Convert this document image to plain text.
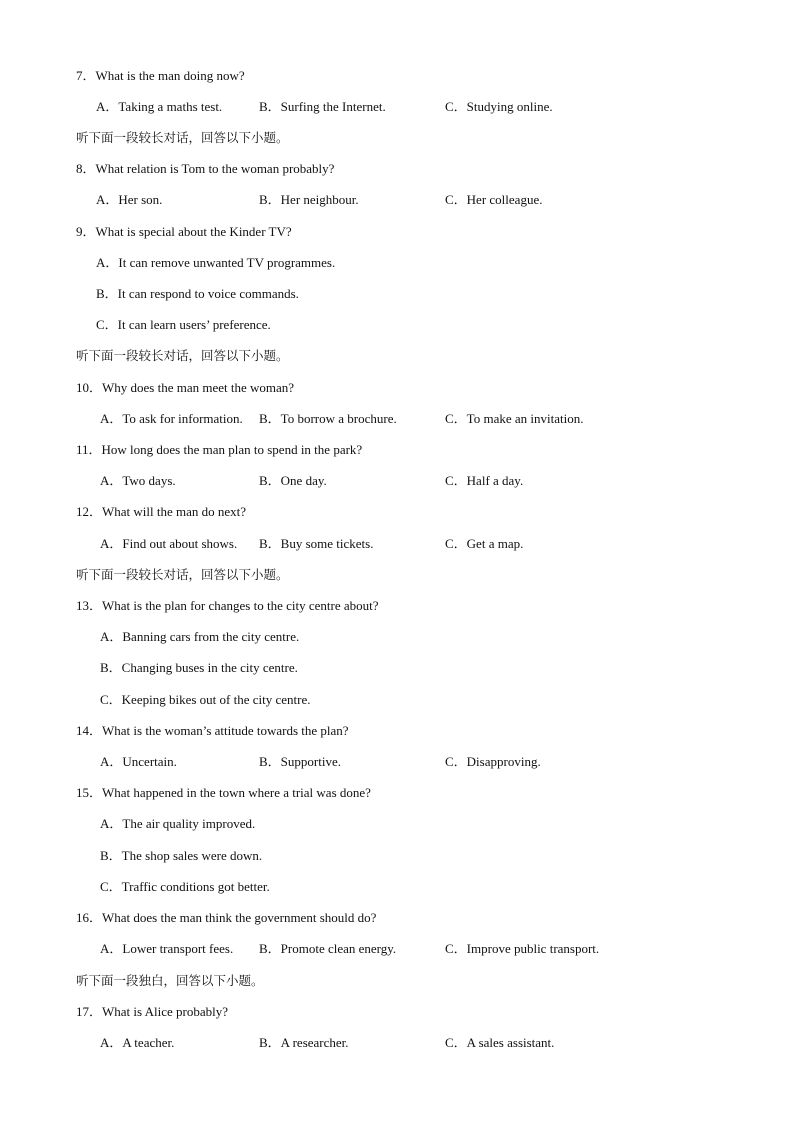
7．What is the man doing now?
A．Taking a maths test.	B．Surfing the Internet.	C．Studying online.
听下面一段较长对话，回答以下小题。
8．What relation is Tom to the woman probably?
A．Her son.	B．Her neighbour.	C．Her colleague.
9．What is special about the Kinder TV?
A．It can remove unwanted TV programmes.
B．It can respond to voice commands.
C．It can learn users’ preference.
听下面一段较长对话，回答以下小题。
10．Why does the man meet the woman?
A．To ask for information. B．To borrow a brochure.	C．To make an invitation.
11．How long does the man plan to spend in the park?
A．Two days.	B．One day.	C．Half a day.
12．What will the man do next?
A．Find out about shows. B．Buy some tickets.	C．Get a map.
听下面一段较长对话，回答以下小题。
13．What is the plan for changes to the city centre about?
A．Banning cars from the city centre.
B．Changing buses in the city centre.
C．Keeping bikes out of the city centre.
14．What is the woman’s attitude towards the plan?
A．Uncertain.	B．Supportive.	C．Disapproving.
15．What happened in the town where a trial was done?
A．The air quality improved.
B．The shop sales were down.
C．Traffic conditions got better.
16．What does the man think the government should do?
A．Lower transport fees. B．Promote clean energy.	C．Improve public transport.
听下面一段独白，回答以下小题。
17．What is Alice probably?
A．A teacher.	B．A researcher.	C．A sales assistant.
